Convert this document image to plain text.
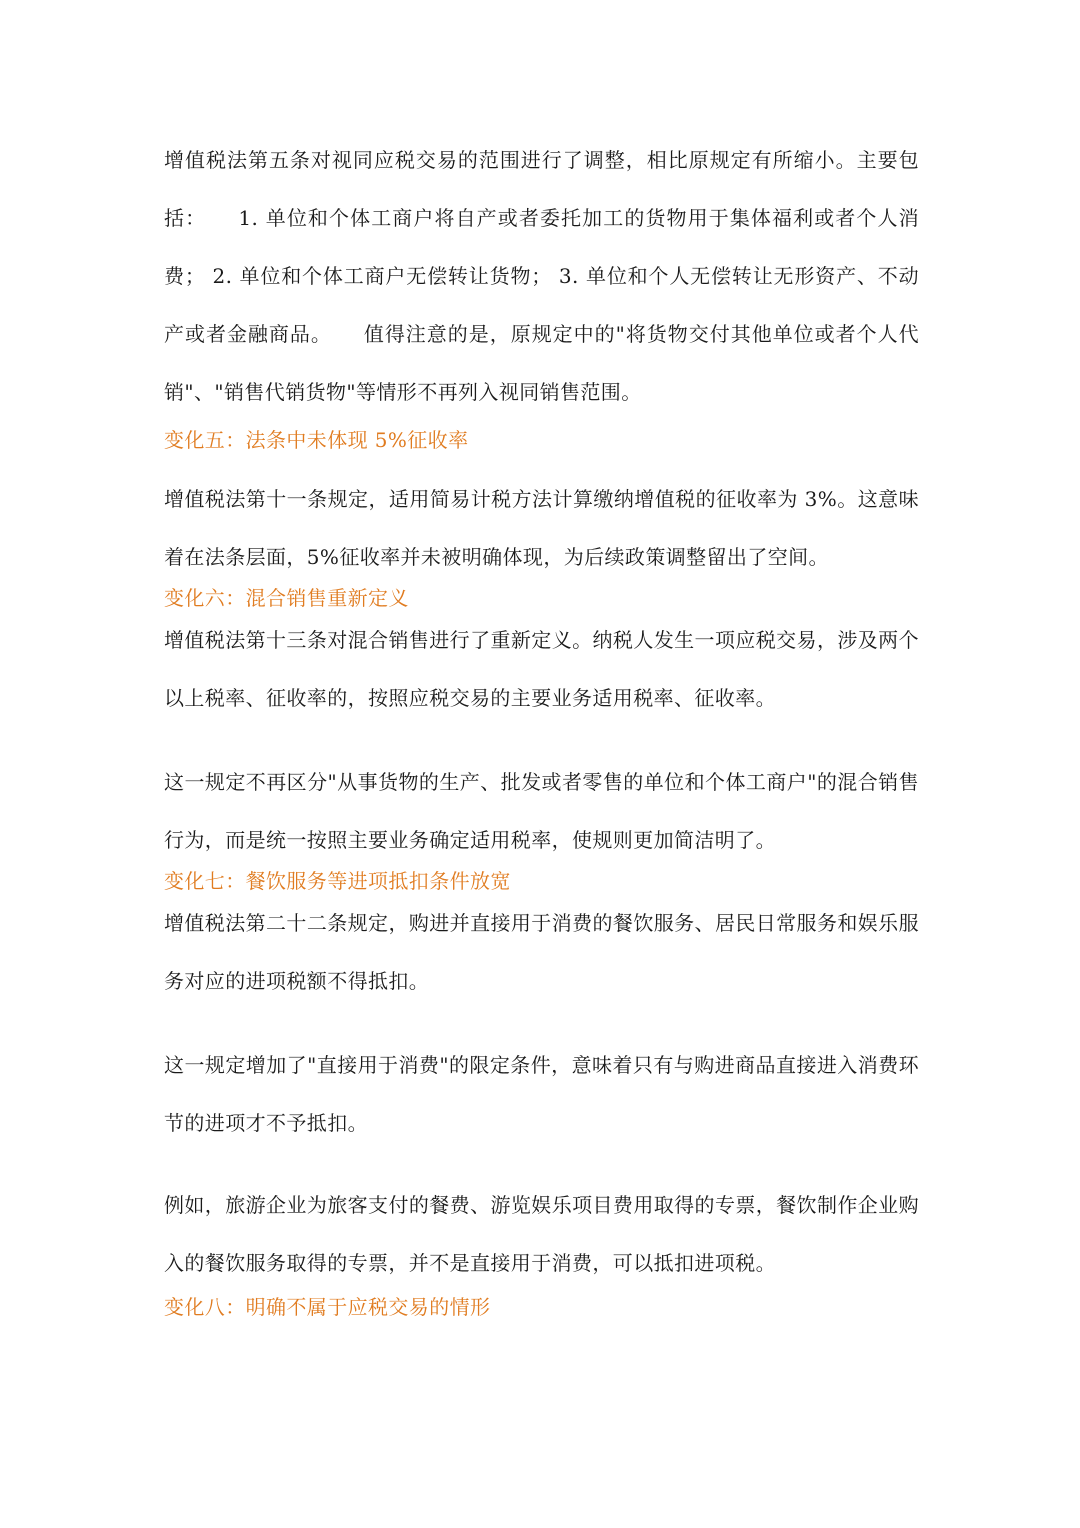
增值税法第五条对视同应税交易的范围进行了调整，相比原规定有所缩小。主要包括：　　1. 单位和个体工商户将自产或者委托加工的货物用于集体福利或者个人消费； 2. 单位和个体工商户无偿转让货物； 3. 单位和个人无偿转让无形资产、不动产或者金融商品。　　值得注意的是，原规定中的"将货物交付其他单位或者个人代销"、"销售代销货物"等情形不再列入视同销售范围。

变化五：法条中未体现 5%征收率

增值税法第十一条规定，适用简易计税方法计算缴纳增值税的征收率为 3%。这意味着在法条层面，5%征收率并未被明确体现，为后续政策调整留出了空间。

变化六：混合销售重新定义

增值税法第十三条对混合销售进行了重新定义。纳税人发生一项应税交易，涉及两个以上税率、征收率的，按照应税交易的主要业务适用税率、征收率。

这一规定不再区分"从事货物的生产、批发或者零售的单位和个体工商户"的混合销售行为，而是统一按照主要业务确定适用税率，使规则更加简洁明了。

变化七：餐饮服务等进项抵扣条件放宽

增值税法第二十二条规定，购进并直接用于消费的餐饮服务、居民日常服务和娱乐服务对应的进项税额不得抵扣。

这一规定增加了"直接用于消费"的限定条件，意味着只有与购进商品直接进入消费环节的进项才不予抵扣。

例如，旅游企业为旅客支付的餐费、游览娱乐项目费用取得的专票，餐饮制作企业购入的餐饮服务取得的专票，并不是直接用于消费，可以抵扣进项税。

变化八：明确不属于应税交易的情形
